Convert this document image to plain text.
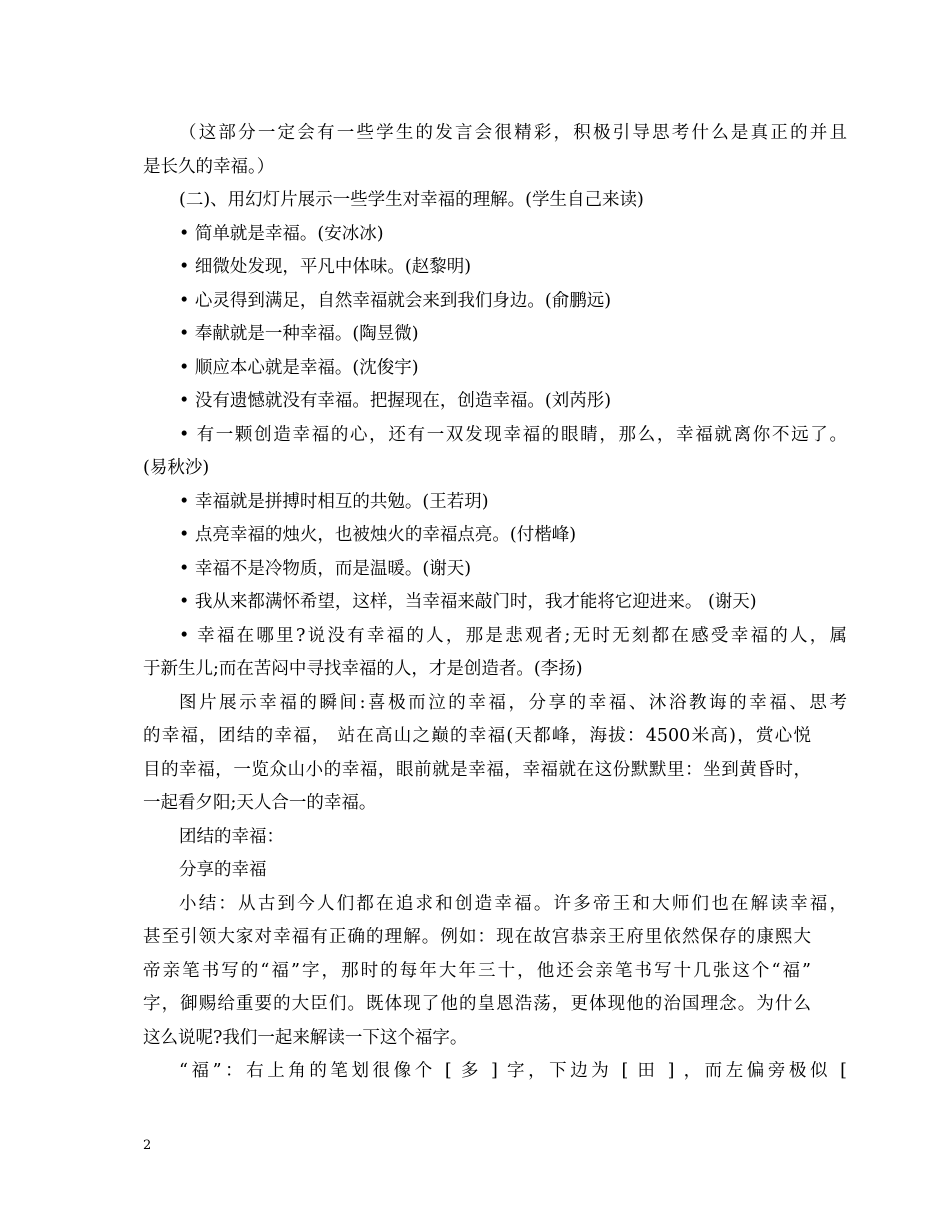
（这部分一定会有一些学生的发言会很精彩，积极引导思考什么是真正的并且
是长久的幸福。）
(二)、用幻灯片展示一些学生对幸福的理解。(学生自己来读)
• 简单就是幸福。(安冰冰)
• 细微处发现，平凡中体味。(赵黎明)
• 心灵得到满足，自然幸福就会来到我们身边。(俞鹏远)
• 奉献就是一种幸福。(陶昱微)
• 顺应本心就是幸福。(沈俊宇)
• 没有遗憾就没有幸福。把握现在，创造幸福。(刘芮彤)
• 有一颗创造幸福的心，还有一双发现幸福的眼睛，那么，幸福就离你不远了。
(易秋沙)
• 幸福就是拼搏时相互的共勉。(王若玥)
• 点亮幸福的烛火，也被烛火的幸福点亮。(付楷峰)
• 幸福不是冷物质，而是温暖。(谢天)
• 我从来都满怀希望，这样，当幸福来敲门时，我才能将它迎进来。 (谢天)
• 幸福在哪里?说没有幸福的人，那是悲观者;无时无刻都在感受幸福的人，属
于新生儿;而在苦闷中寻找幸福的人，才是创造者。(李扬)
图片展示幸福的瞬间:喜极而泣的幸福，分享的幸福、沐浴教诲的幸福、思考
的幸福，团结的幸福， 站在高山之巅的幸福(天都峰，海拔：4500米高)，赏心悦
目的幸福，一览众山小的幸福，眼前就是幸福，幸福就在这份默默里：坐到黄昏时，
一起看夕阳;天人合一的幸福。
团结的幸福：
分享的幸福
小结：从古到今人们都在追求和创造幸福。许多帝王和大师们也在解读幸福，
甚至引领大家对幸福有正确的理解。例如：现在故宫恭亲王府里依然保存的康熙大
帝亲笔书写的“福”字，那时的每年大年三十，他还会亲笔书写十几张这个“福”
字，御赐给重要的大臣们。既体现了他的皇恩浩荡，更体现他的治国理念。为什么
这么说呢?我们一起来解读一下这个福字。
“福”：右上角的笔划很像个 [ 多 ] 字，下边为 [ 田 ] ，而左偏旁极似 [
2
